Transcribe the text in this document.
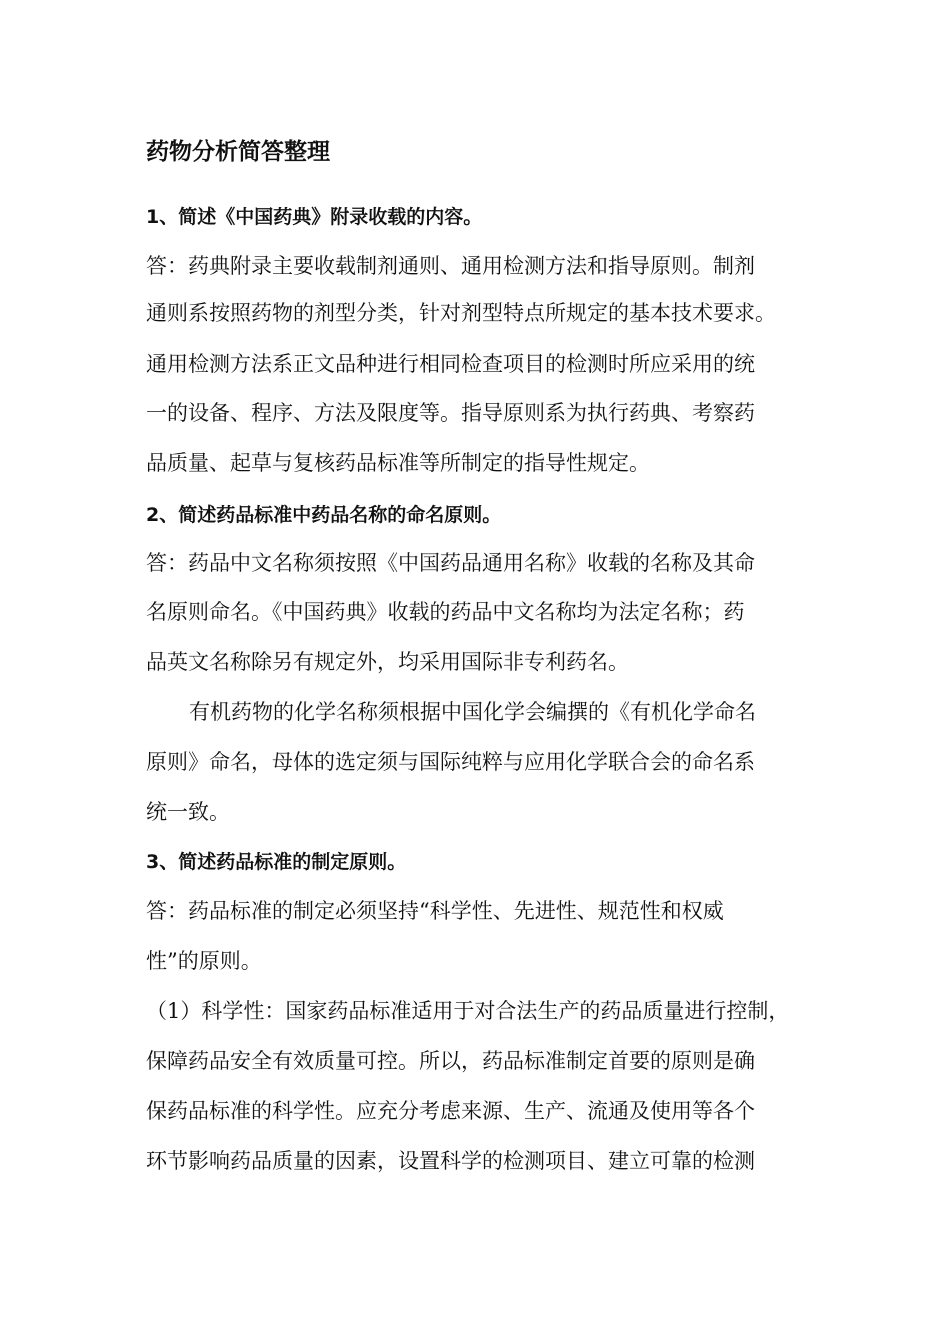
药物分析简答整理
1、简述《中国药典》附录收载的内容。
答：药典附录主要收载制剂通则、通用检测方法和指导原则。制剂
通则系按照药物的剂型分类，针对剂型特点所规定的基本技术要求。
通用检测方法系正文品种进行相同检查项目的检测时所应采用的统
一的设备、程序、方法及限度等。指导原则系为执行药典、考察药
品质量、起草与复核药品标准等所制定的指导性规定。
2、简述药品标准中药品名称的命名原则。
答：药品中文名称须按照《中国药品通用名称》收载的名称及其命
名原则命名。《中国药典》收载的药品中文名称均为法定名称；药
品英文名称除另有规定外，均采用国际非专利药名。
有机药物的化学名称须根据中国化学会编撰的《有机化学命名
原则》命名，母体的选定须与国际纯粹与应用化学联合会的命名系
统一致。
3、简述药品标准的制定原则。
答：药品标准的制定必须坚持“科学性、先进性、规范性和权威
性”的原则。
（1）科学性：国家药品标准适用于对合法生产的药品质量进行控制，
保障药品安全有效质量可控。所以，药品标准制定首要的原则是确
保药品标准的科学性。应充分考虑来源、生产、流通及使用等各个
环节影响药品质量的因素，设置科学的检测项目、建立可靠的检测
